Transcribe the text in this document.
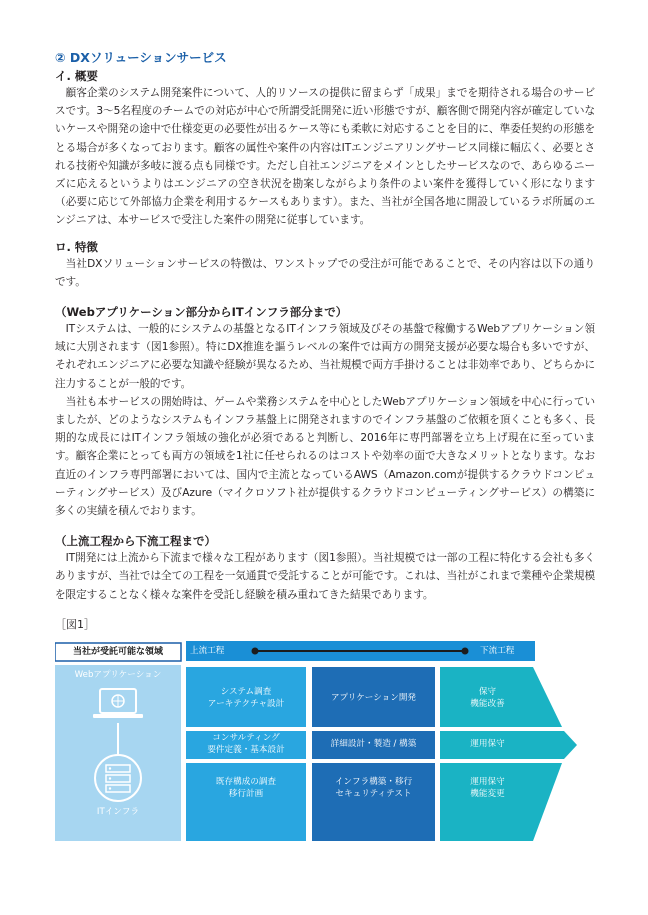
② DXソリューションサービス

イ. 概要

顧客企業のシステム開発案件について、人的リソースの提供に留まらず「成果」までを期待される場合のサービスです。3～5名程度のチームでの対応が中心で所謂受託開発に近い形態ですが、顧客側で開発内容が確定していないケースや開発の途中で仕様変更の必要性が出るケース等にも柔軟に対応することを目的に、準委任契約の形態をとる場合が多くなっております。顧客の属性や案件の内容はITエンジニアリングサービス同様に幅広く、必要とされる技術や知識が多岐に渡る点も同様です。ただし自社エンジニアをメインとしたサービスなので、あらゆるニーズに応えるというよりはエンジニアの空き状況を勘案しながらより条件のよい案件を獲得していく形になります（必要に応じて外部協力企業を利用するケースもあります）。また、当社が全国各地に開設しているラボ所属のエンジニアは、本サービスで受注した案件の開発に従事しています。

ロ. 特徴

当社DXソリューションサービスの特徴は、ワンストップでの受注が可能であることで、その内容は以下の通りです。

（Webアプリケーション部分からITインフラ部分まで）

ITシステムは、一般的にシステムの基盤となるITインフラ領域及びその基盤で稼働するWebアプリケーション領域に大別されます（図1参照）。特にDX推進を謳うレベルの案件では両方の開発支援が必要な場合も多いですが、それぞれエンジニアに必要な知識や経験が異なるため、当社規模で両方手掛けることは非効率であり、どちらかに注力することが一般的です。

当社も本サービスの開始時は、ゲームや業務システムを中心としたWebアプリケーション領域を中心に行っていましたが、どのようなシステムもインフラ基盤上に開発されますのでインフラ基盤のご依頼を頂くことも多く、長期的な成長にはITインフラ領域の強化が必須であると判断し、2016年に専門部署を立ち上げ現在に至っています。顧客企業にとっても両方の領域を1社に任せられるのはコストや効率の面で大きなメリットとなります。なお直近のインフラ専門部署においては、国内で主流となっているAWS（Amazon.comが提供するクラウドコンピューティングサービス）及びAzure（マイクロソフト社が提供するクラウドコンピューティングサービス）の構築に多くの実績を積んでおります。

（上流工程から下流工程まで）

IT開発には上流から下流まで様々な工程があります（図1参照）。当社規模では一部の工程に特化する会社も多くありますが、当社では全ての工程を一気通貫で受託することが可能です。これは、当社がこれまで業種や企業規模を限定することなく様々な案件を受託し経験を積み重ねてきた結果であります。

［図1］
当社が受託可能な領域	上流工程	下流工程
Webアプリケーション
ITインフラ
システム調査
アーキテクチャ設計
アプリケーション開発
保守
機能改善
コンサルティング
要件定義・基本設計
詳細設計・製造 / 構築	運用保守
既存構成の調査
移行計画
インフラ構築・移行
セキュリティテスト
運用保守
機能変更
